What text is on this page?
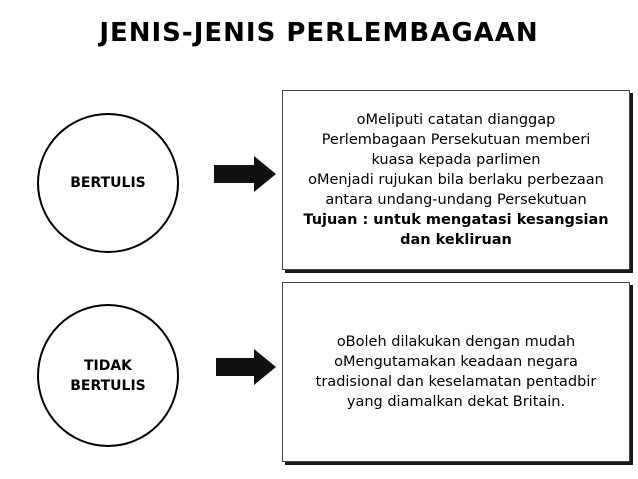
JENIS-JENIS PERLEMBAGAAN
BERTULIS
oMeliputi catatan dianggap
Perlembagaan Persekutuan memberi
kuasa kepada parlimen
oMenjadi rujukan bila berlaku perbezaan
antara undang-undang Persekutuan
Tujuan : untuk mengatasi kesangsian
dan kekliruan
TIDAK
BERTULIS
oBoleh dilakukan dengan mudah
oMengutamakan keadaan negara
tradisional dan keselamatan pentadbir
yang diamalkan dekat Britain.
